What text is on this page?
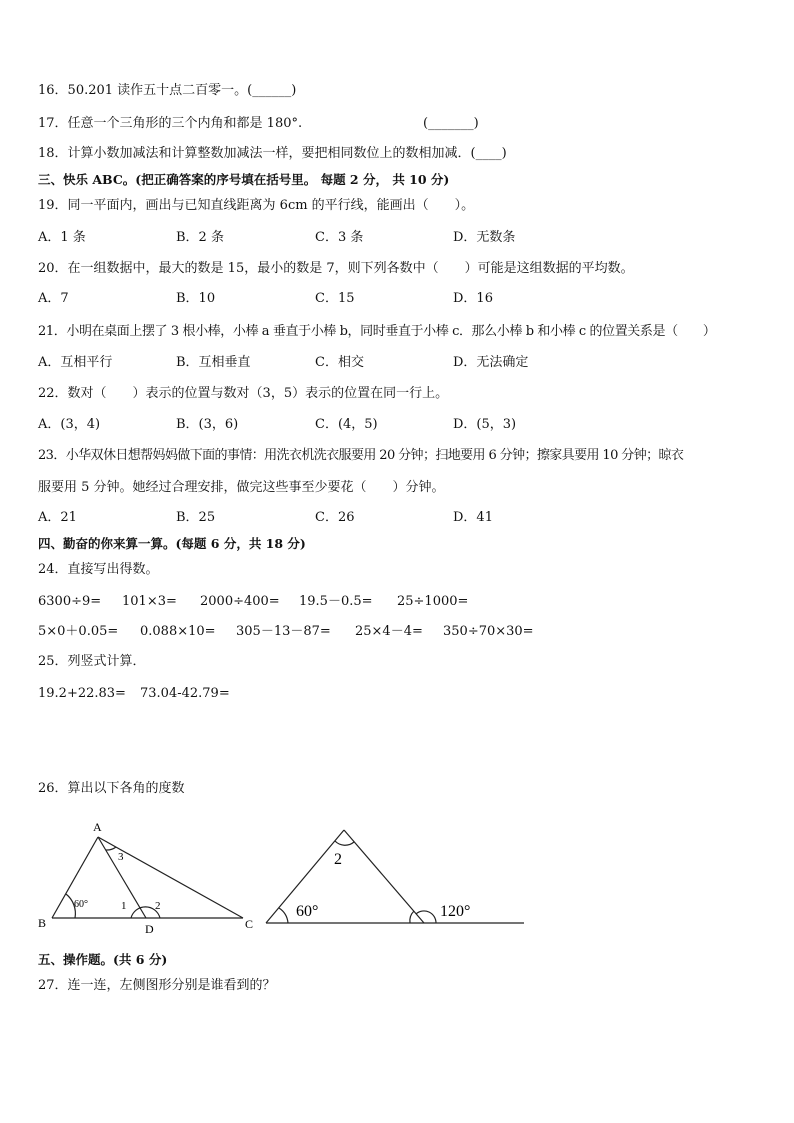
16．50.201 读作五十点二百零一。(______)
17．任意一个三角形的三个内角和都是 180°.	(_______)
18．计算小数加减法和计算整数加减法一样，要把相同数位上的数相加减．(____)
三、快乐 ABC。(把正确答案的序号填在括号里。 每题 2 分， 共 10 分)
19．同一平面内，画出与已知直线距离为 6cm 的平行线，能画出（　　）。
A．1 条	B．2 条	C．3 条	D．无数条
20．在一组数据中，最大的数是 15，最小的数是 7，则下列各数中（　　）可能是这组数据的平均数。
A．7	B．10	C．15	D．16
21．小明在桌面上摆了 3 根小棒，小棒 a 垂直于小棒 b，同时垂直于小棒 c．那么小棒 b 和小棒 c 的位置关系是（　　）
A．互相平行	B．互相垂直	C．相交	D．无法确定
22．数对（　　）表示的位置与数对（3，5）表示的位置在同一行上。
A．(3，4)	B．(3，6)	C．(4，5)	D．(5，3)
23．小华双休日想帮妈妈做下面的事情：用洗衣机洗衣服要用 20 分钟；扫地要用 6 分钟；擦家具要用 10 分钟；晾衣
服要用 5 分钟。她经过合理安排，做完这些事至少要花（　　）分钟。
A．21	B．25	C．26	D．41
四、勤奋的你来算一算。(每题 6 分，共 18 分)
24．直接写出得数。
6300÷9= 101×3= 2000÷400= 19.5－0.5= 25÷1000=
5×0＋0.05= 0.088×10= 305－13－87= 25×4－4= 350÷70×30=
25．列竖式计算．
19.2+22.83= 73.04-42.79=
26．算出以下各角的度数
A
B	C
D
60°	1	2
3	2
60°	120°
五、操作题。(共 6 分)
27．连一连，左侧图形分别是谁看到的？
